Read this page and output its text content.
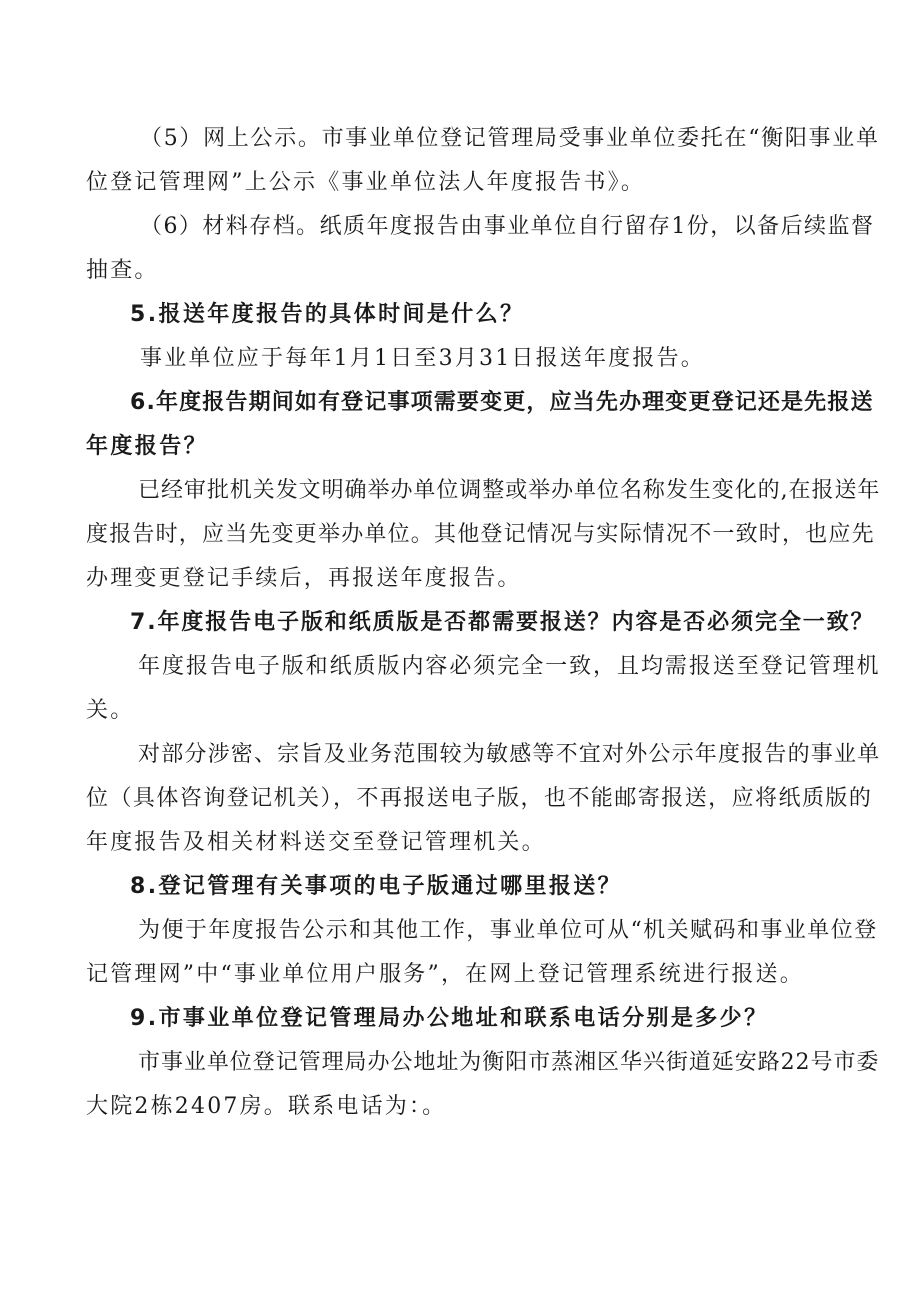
（5）网上公示。市事业单位登记管理局受事业单位委托在“衡阳事业单
位登记管理网”上公示《事业单位法人年度报告书》。
（6）材料存档。纸质年度报告由事业单位自行留存1份，以备后续监督
抽查。
5.报送年度报告的具体时间是什么？
事业单位应于每年1月1日至3月31日报送年度报告。
6.年度报告期间如有登记事项需要变更，应当先办理变更登记还是先报送
年度报告？
已经审批机关发文明确举办单位调整或举办单位名称发生变化的,在报送年
度报告时，应当先变更举办单位。其他登记情况与实际情况不一致时，也应先
办理变更登记手续后，再报送年度报告。
7.年度报告电子版和纸质版是否都需要报送？内容是否必须完全一致？
年度报告电子版和纸质版内容必须完全一致，且均需报送至登记管理机
关。
对部分涉密、宗旨及业务范围较为敏感等不宜对外公示年度报告的事业单
位（具体咨询登记机关），不再报送电子版，也不能邮寄报送，应将纸质版的
年度报告及相关材料送交至登记管理机关。
8.登记管理有关事项的电子版通过哪里报送？
为便于年度报告公示和其他工作，事业单位可从“机关赋码和事业单位登
记管理网”中“事业单位用户服务”，在网上登记管理系统进行报送。
9.市事业单位登记管理局办公地址和联系电话分别是多少？
市事业单位登记管理局办公地址为衡阳市蒸湘区华兴街道延安路22号市委
大院2栋2407房。联系电话为：。
